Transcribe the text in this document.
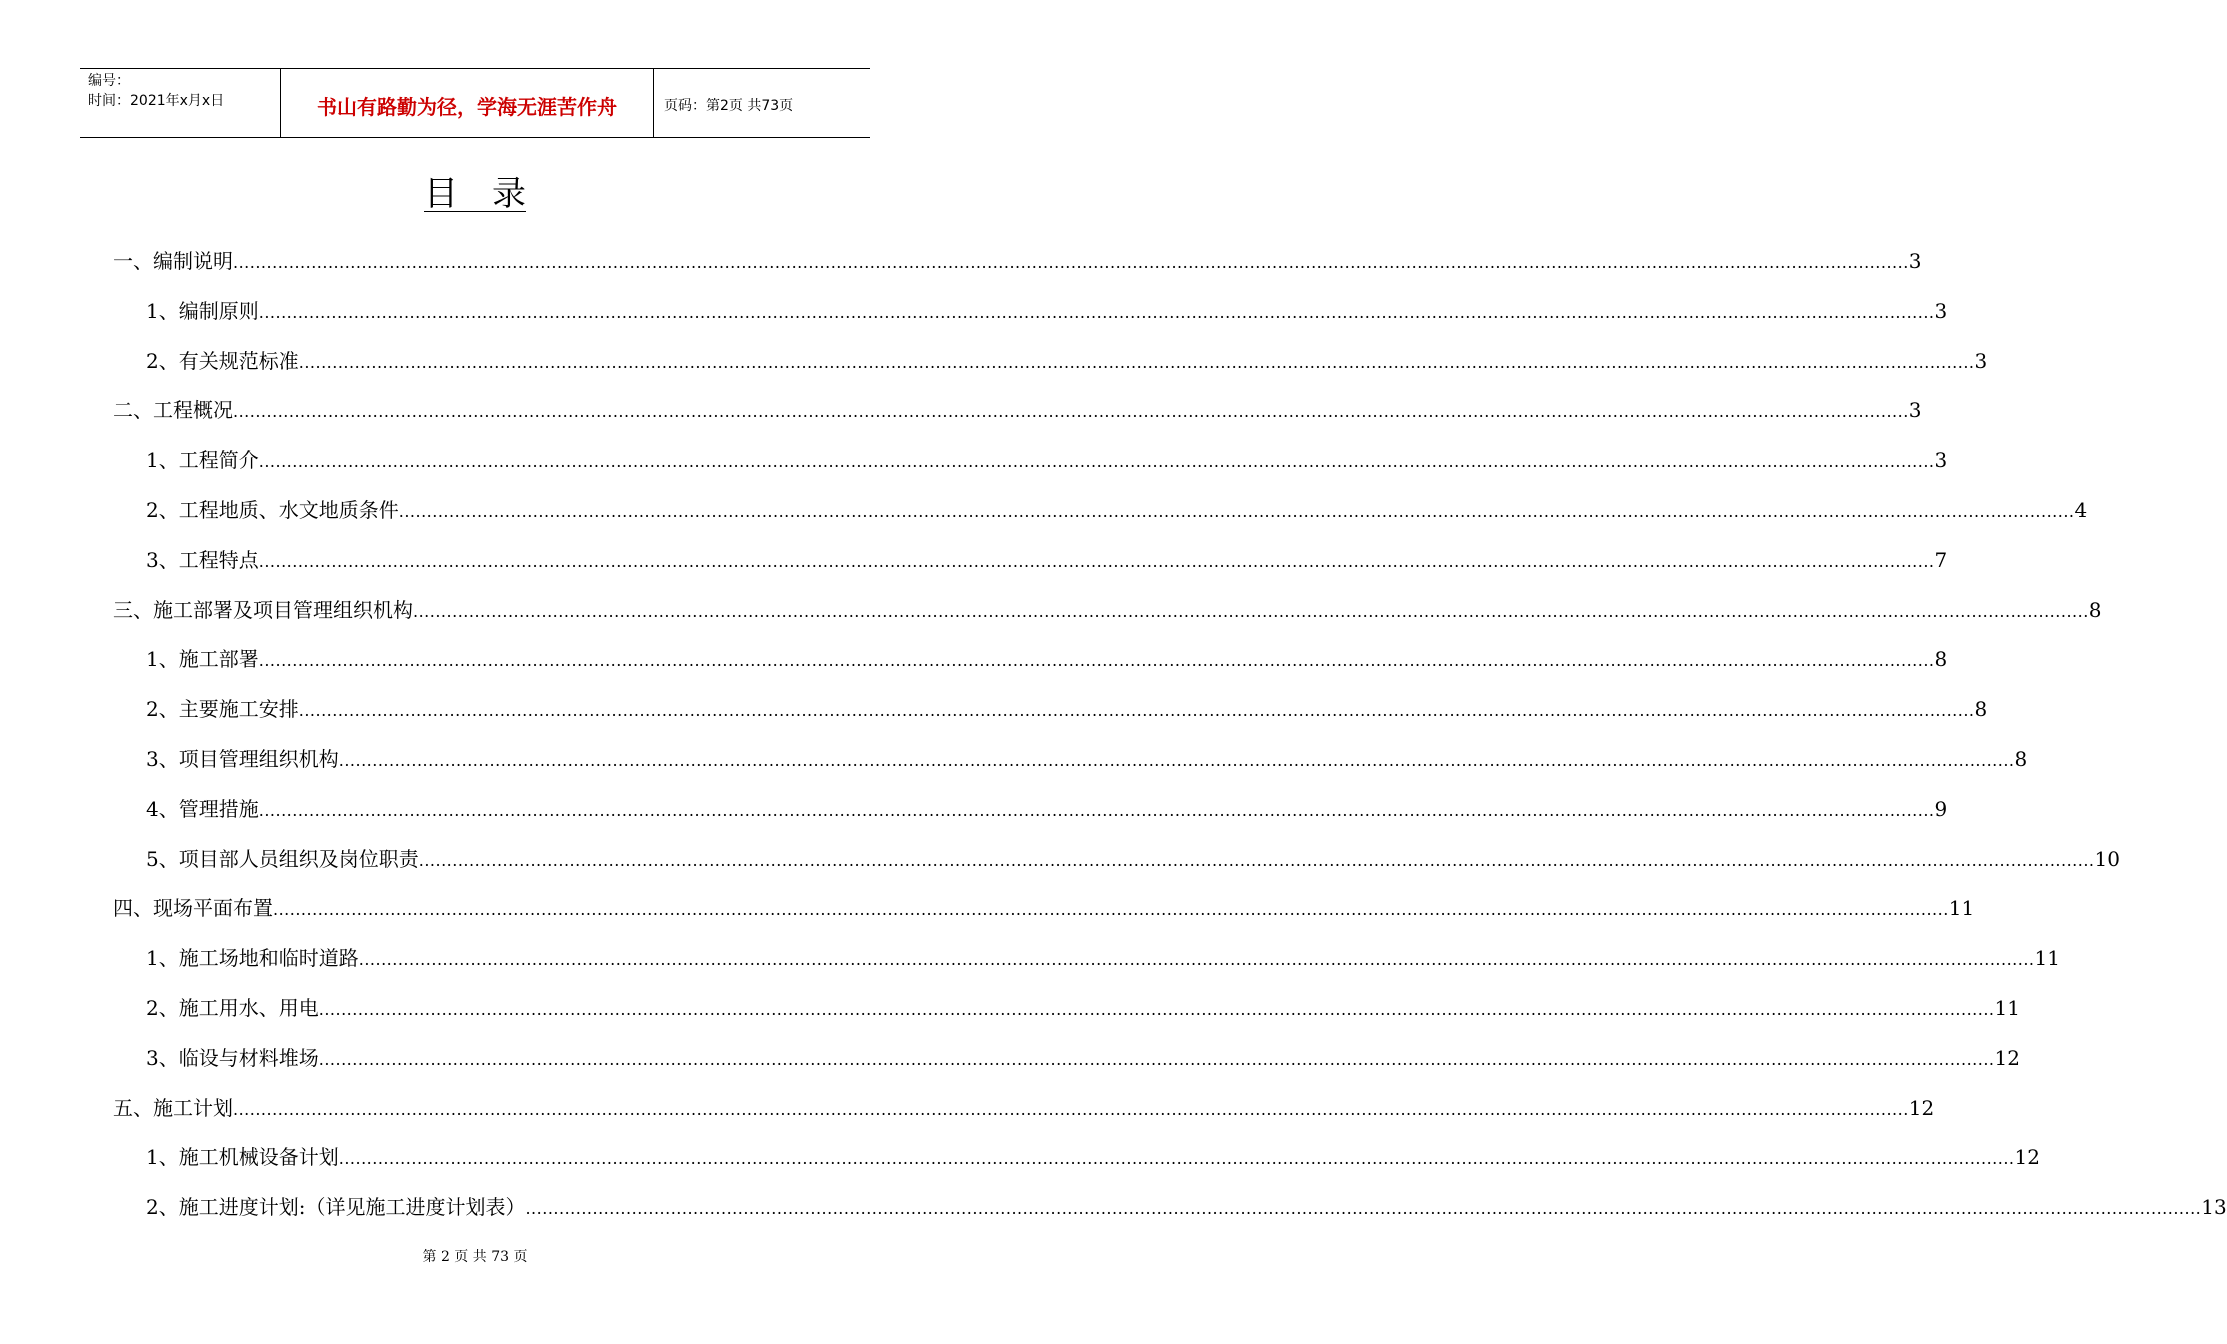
编号：
时间：2021年x月x日	书山有路勤为径，学海无涯苦作舟	页码：第2页 共73页
目　录
一、编制说明 ............................................................................................................................................................................................................................................................................................................ 3
1、编制原则 ............................................................................................................................................................................................................................................................................................................ 3
2、有关规范标准 ............................................................................................................................................................................................................................................................................................................ 3
二、工程概况 ............................................................................................................................................................................................................................................................................................................ 3
1、工程简介 ............................................................................................................................................................................................................................................................................................................ 3
2、工程地质、水文地质条件 ............................................................................................................................................................................................................................................................................................................ 4
3、工程特点 ............................................................................................................................................................................................................................................................................................................ 7
三、施工部署及项目管理组织机构 ............................................................................................................................................................................................................................................................................................................ 8
1、施工部署 ............................................................................................................................................................................................................................................................................................................ 8
2、主要施工安排 ............................................................................................................................................................................................................................................................................................................ 8
3、项目管理组织机构 ............................................................................................................................................................................................................................................................................................................ 8
4、管理措施 ............................................................................................................................................................................................................................................................................................................ 9
5、项目部人员组织及岗位职责 ............................................................................................................................................................................................................................................................................................................ 10
四、现场平面布置 ............................................................................................................................................................................................................................................................................................................ 11
1、施工场地和临时道路 ............................................................................................................................................................................................................................................................................................................ 11
2、施工用水、用电 ............................................................................................................................................................................................................................................................................................................ 11
3、临设与材料堆场 ............................................................................................................................................................................................................................................................................................................ 12
五、施工计划 ............................................................................................................................................................................................................................................................................................................ 12
1、施工机械设备计划 ............................................................................................................................................................................................................................................................................................................ 12
2、施工进度计划:（详见施工进度计划表） ............................................................................................................................................................................................................................................................................................................ 13
第 2 页 共 73 页
